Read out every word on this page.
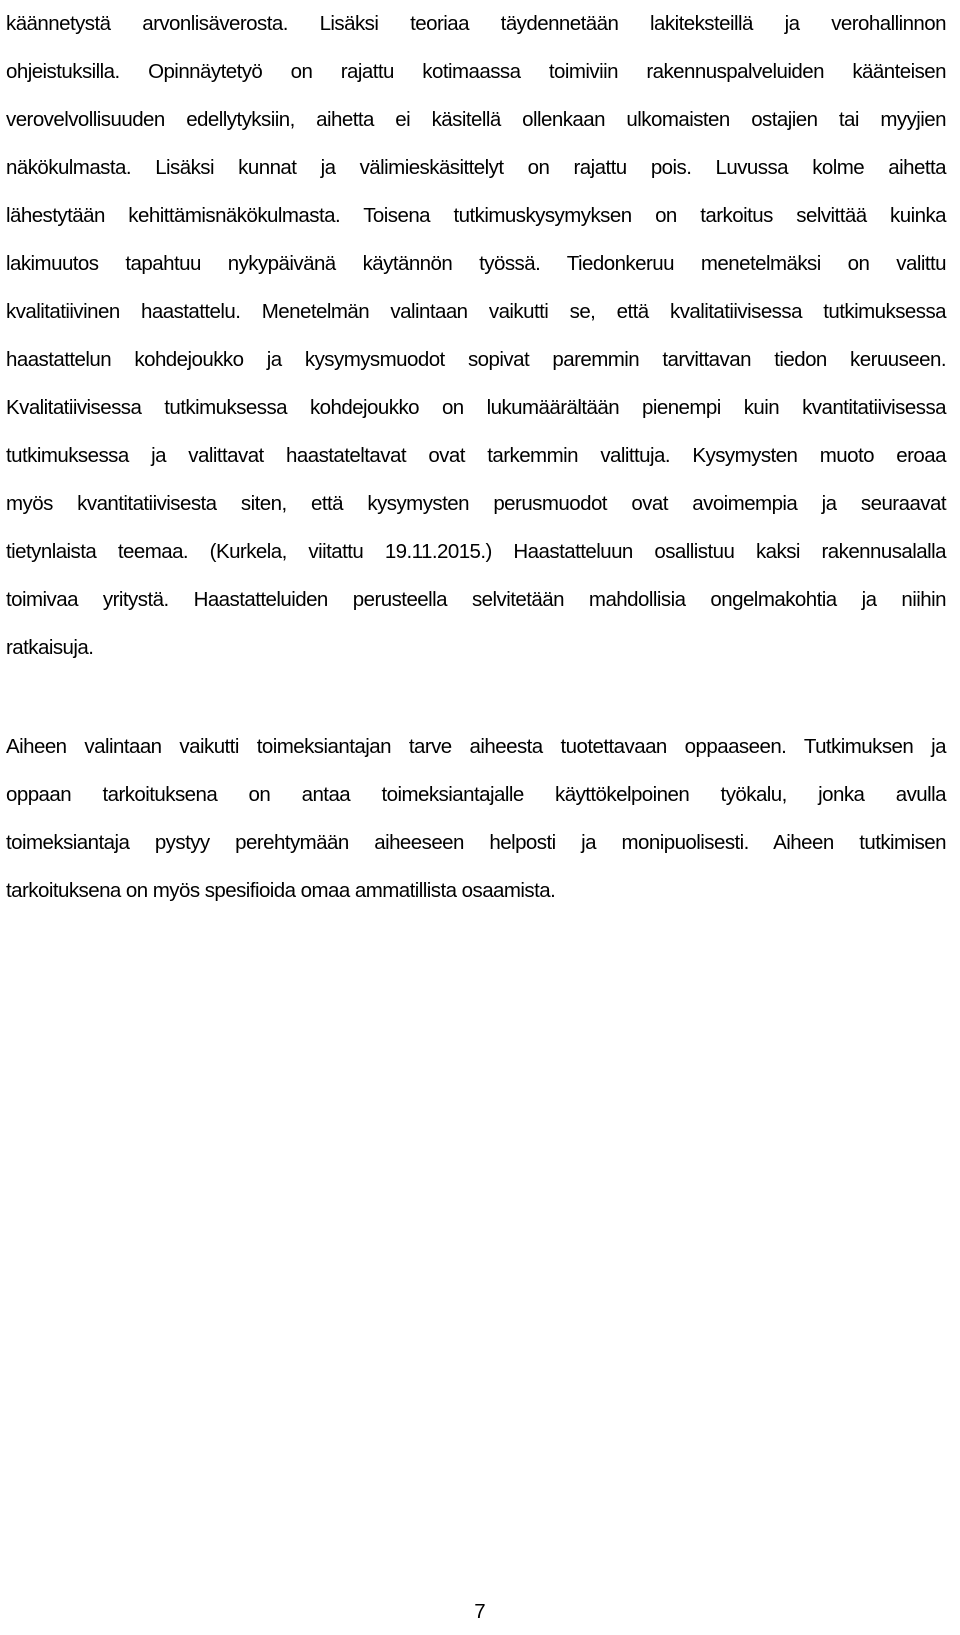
käännetystä arvonlisäverosta. Lisäksi teoriaa täydennetään lakiteksteillä ja verohallinnon
ohjeistuksilla. Opinnäytetyö on rajattu kotimaassa toimiviin rakennuspalveluiden käänteisen
verovelvollisuuden edellytyksiin, aihetta ei käsitellä ollenkaan ulkomaisten ostajien tai myyjien
näkökulmasta. Lisäksi kunnat ja välimieskäsittelyt on rajattu pois. Luvussa kolme aihetta
lähestytään kehittämisnäkökulmasta. Toisena tutkimuskysymyksen on tarkoitus selvittää kuinka
lakimuutos tapahtuu nykypäivänä käytännön työssä. Tiedonkeruu menetelmäksi on valittu
kvalitatiivinen haastattelu. Menetelmän valintaan vaikutti se, että kvalitatiivisessa tutkimuksessa
haastattelun kohdejoukko ja kysymysmuodot sopivat paremmin tarvittavan tiedon keruuseen.
Kvalitatiivisessa tutkimuksessa kohdejoukko on lukumäärältään pienempi kuin kvantitatiivisessa
tutkimuksessa ja valittavat haastateltavat ovat tarkemmin valittuja. Kysymysten muoto eroaa
myös kvantitatiivisesta siten, että kysymysten perusmuodot ovat avoimempia ja seuraavat
tietynlaista teemaa. (Kurkela, viitattu 19.11.2015.) Haastatteluun osallistuu kaksi rakennusalalla
toimivaa yritystä. Haastatteluiden perusteella selvitetään mahdollisia ongelmakohtia ja niihin
ratkaisuja.
Aiheen valintaan vaikutti toimeksiantajan tarve aiheesta tuotettavaan oppaaseen. Tutkimuksen ja
oppaan tarkoituksena on antaa toimeksiantajalle käyttökelpoinen työkalu, jonka avulla
toimeksiantaja pystyy perehtymään aiheeseen helposti ja monipuolisesti. Aiheen tutkimisen
tarkoituksena on myös spesifioida omaa ammatillista osaamista.
7
